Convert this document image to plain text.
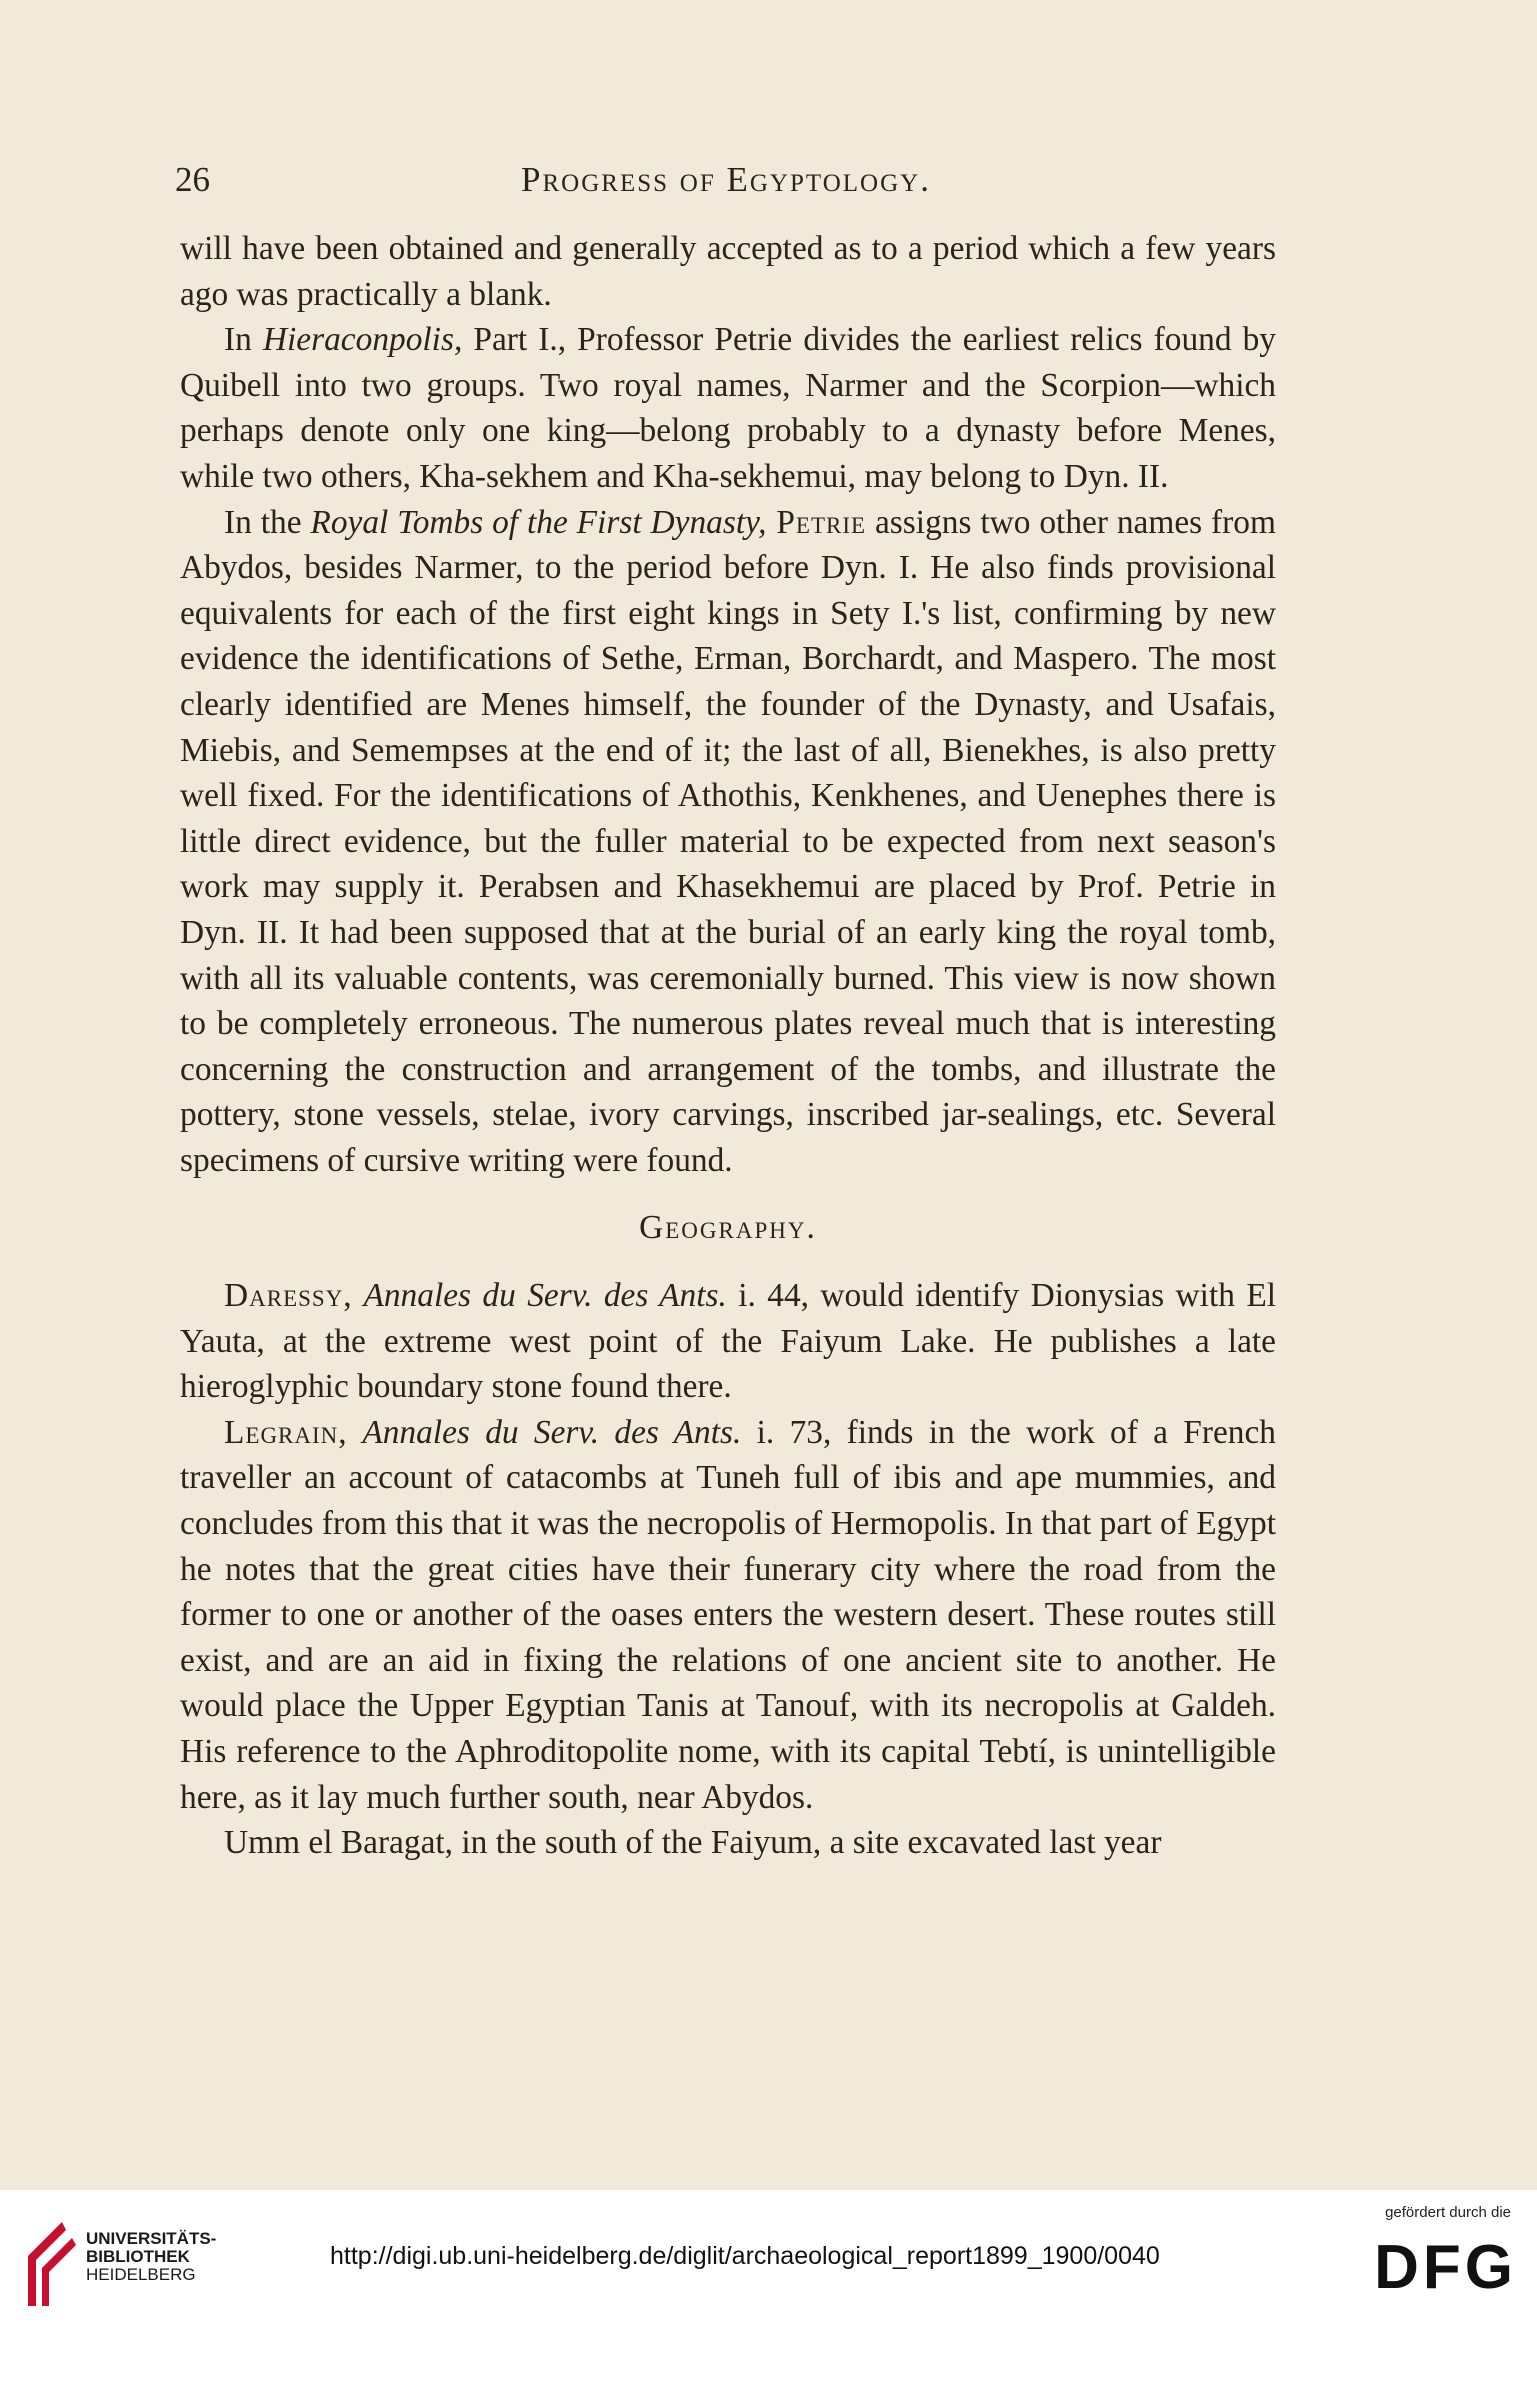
26	Progress of Egyptology.

will have been obtained and generally accepted as to a period which a few years ago was practically a blank.

In Hieraconpolis, Part I., Professor Petrie divides the earliest relics found by Quibell into two groups. Two royal names, Narmer and the Scorpion—which perhaps denote only one king—belong probably to a dynasty before Menes, while two others, Kha-sekhem and Kha-sekhemui, may belong to Dyn. II.

In the Royal Tombs of the First Dynasty, Petrie assigns two other names from Abydos, besides Narmer, to the period before Dyn. I. He also finds provisional equivalents for each of the first eight kings in Sety I.'s list, confirming by new evidence the identifications of Sethe, Erman, Borchardt, and Maspero. The most clearly identified are Menes himself, the founder of the Dynasty, and Usafais, Miebis, and Semempses at the end of it; the last of all, Bienekhes, is also pretty well fixed. For the identifications of Athothis, Kenkhenes, and Uenephes there is little direct evidence, but the fuller material to be expected from next season's work may supply it. Perabsen and Khasekhemui are placed by Prof. Petrie in Dyn. II. It had been supposed that at the burial of an early king the royal tomb, with all its valuable contents, was ceremonially burned. This view is now shown to be completely erroneous. The numerous plates reveal much that is interesting concerning the construction and arrangement of the tombs, and illustrate the pottery, stone vessels, stelae, ivory carvings, inscribed jar-sealings, etc. Several specimens of cursive writing were found.

Geography.

Daressy, Annales du Serv. des Ants. i. 44, would identify Dionysias with El Yauta, at the extreme west point of the Faiyum Lake. He publishes a late hieroglyphic boundary stone found there.

Legrain, Annales du Serv. des Ants. i. 73, finds in the work of a French traveller an account of catacombs at Tuneh full of ibis and ape mummies, and concludes from this that it was the necropolis of Hermopolis. In that part of Egypt he notes that the great cities have their funerary city where the road from the former to one or another of the oases enters the western desert. These routes still exist, and are an aid in fixing the relations of one ancient site to another. He would place the Upper Egyptian Tanis at Tanouf, with its necropolis at Galdeh. His reference to the Aphroditopolite nome, with its capital Tebtí, is unintelligible here, as it lay much further south, near Abydos.

Umm el Baragat, in the south of the Faiyum, a site excavated last year

UNIVERSITÄTS-
BIBLIOTHEK
HEIDELBERG
http://digi.ub.uni-heidelberg.de/diglit/archaeological_report1899_1900/0040
gefördert durch die
DFG
